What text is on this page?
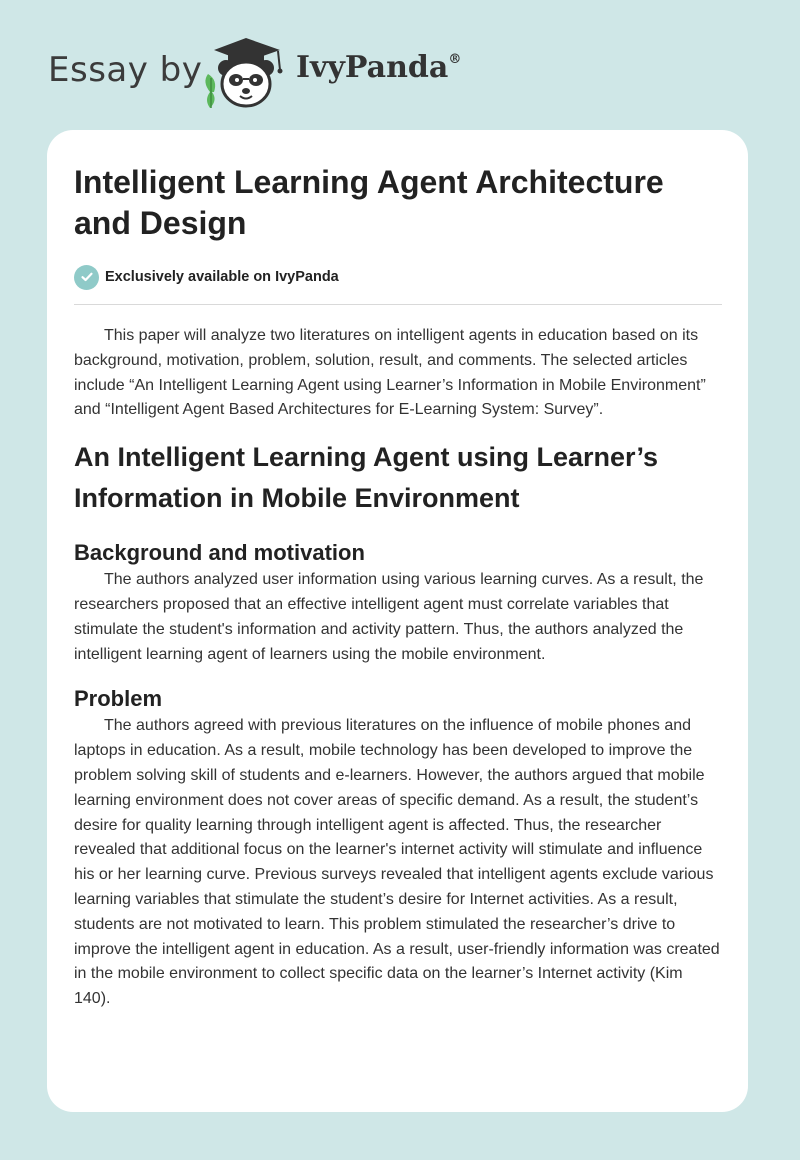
Essay by	IvyPanda®
Intelligent Learning Agent Architecture and Design
Exclusively available on IvyPanda

This paper will analyze two literatures on intelligent agents in education based on its background, motivation, problem, solution, result, and comments. The selected articles include “An Intelligent Learning Agent using Learner’s Information in Mobile Environment” and “Intelligent Agent Based Architectures for E-Learning System: Survey”.

An Intelligent Learning Agent using Learner’s Information in Mobile Environment
Background and motivation

The authors analyzed user information using various learning curves. As a result, the researchers proposed that an effective intelligent agent must correlate variables that stimulate the student's information and activity pattern. Thus, the authors analyzed the intelligent learning agent of learners using the mobile environment.

Problem

The authors agreed with previous literatures on the influence of mobile phones and laptops in education. As a result, mobile technology has been developed to improve the problem solving skill of students and e-learners. However, the authors argued that mobile learning environment does not cover areas of specific demand. As a result, the student’s desire for quality learning through intelligent agent is affected. Thus, the researcher revealed that additional focus on the learner's internet activity will stimulate and influence his or her learning curve. Previous surveys revealed that intelligent agents exclude various learning variables that stimulate the student’s desire for Internet activities. As a result, students are not motivated to learn. This problem stimulated the researcher’s drive to improve the intelligent agent in education. As a result, user-friendly information was created in the mobile environment to collect specific data on the learner’s Internet activity (Kim 140).
